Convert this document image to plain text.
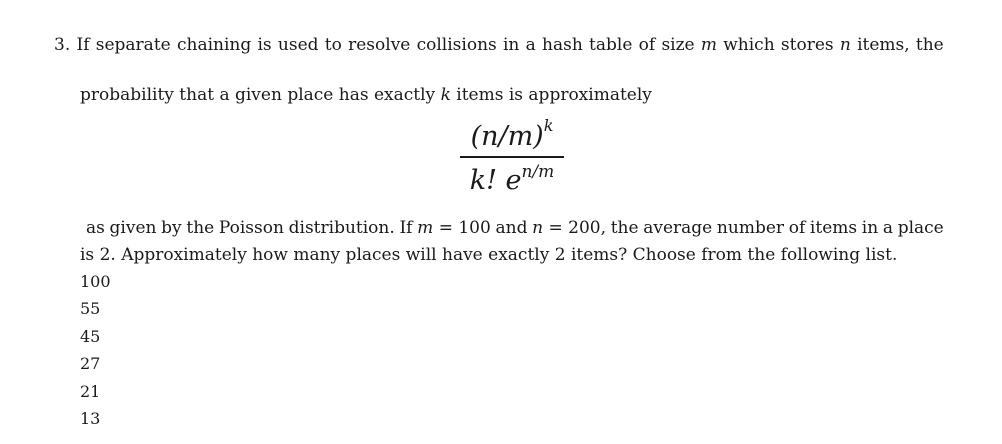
3. If separate chaining is used to resolve collisions in a hash table of size m which stores n items, the
probability that a given place has exactly k items is approximately
$(n/m)^k$
k! $e^{n/m}$
as given by the Poisson distribution. If m = 100 and n = 200, the average number of items in a place
is 2. Approximately how many places will have exactly 2 items? Choose from the following list.
100
55
45
27
21
13
